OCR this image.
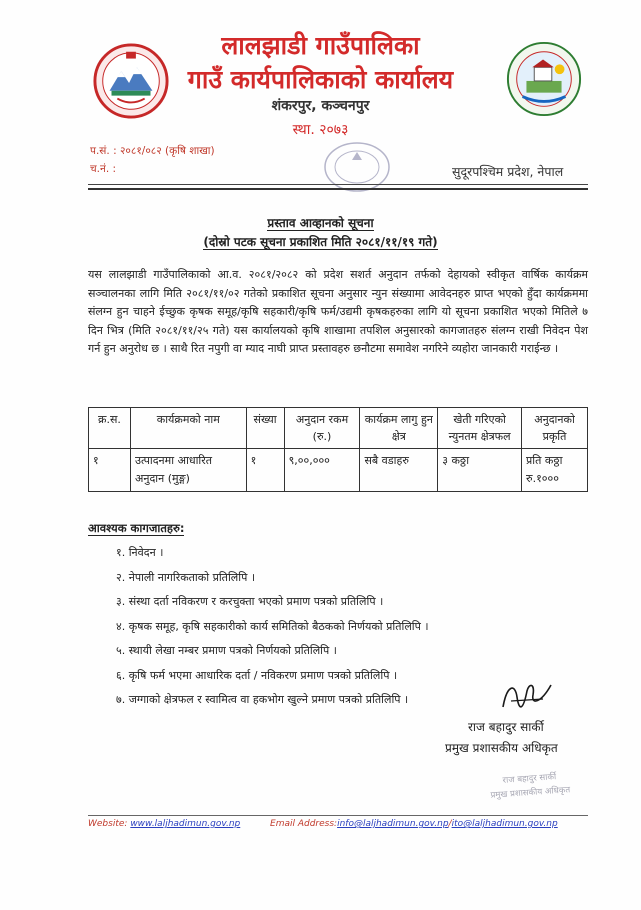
लालझाडी गाउँपालिका
गाउँ कार्यपालिकाको कार्यालय
शंकरपुर, कञ्चनपुर
स्था. २०७३
प.सं. : २०८१/०८२ (कृषि शाखा)
च.नं. :	सुदूरपश्चिम प्रदेश, नेपाल
प्रस्ताव आव्हानको सूचना
(दोस्रो पटक सूचना प्रकाशित मिति २०८१/११/१९ गते)
यस लालझाडी गाउँपालिकाको आ.व. २०८१/२०८२ को प्रदेश सशर्त अनुदान तर्फको देहायको स्वीकृत वार्षिक कार्यक्रम सञ्चालनका लागि मिति २०८१/११/०२ गतेको प्रकाशित सूचना अनुसार न्युन संख्यामा आवेदनहरु प्राप्त भएको हुँदा कार्यक्रममा संलग्न हुन चाहने ईच्छुक कृषक समूह/कृषि सहकारी/कृषि फर्म/उद्यमी कृषकहरुका लागि यो सूचना प्रकाशित भएको मितिले ७ दिन भित्र (मिति २०८१/११/२५ गते) यस कार्यालयको कृषि शाखामा तपशिल अनुसारको कागजातहरु संलग्न राखी निवेदन पेश गर्न हुन अनुरोध छ । साथै रित नपुगी वा म्याद नाघी प्राप्त प्रस्तावहरु छनौटमा समावेश नगरिने व्यहोरा जानकारी गराईन्छ ।
क्र.स.	कार्यक्रमको नाम	संख्या	अनुदान रकम (रु.)	कार्यक्रम लागु हुन क्षेत्र	खेती गरिएको न्युनतम क्षेत्रफल	अनुदानको प्रकृति
१	उत्पादनमा आधारित अनुदान (मुङ्ग)	१	९,००,०००	सबै वडाहरु	३ कठ्ठा	प्रति कठ्ठा रु.१०००
आवश्यक कागजातहरु:
१. निवेदन ।
२. नेपाली नागरिकताको प्रतिलिपि ।
३. संस्था दर्ता नविकरण र करचुक्ता भएको प्रमाण पत्रको प्रतिलिपि ।
४. कृषक समूह, कृषि सहकारीको कार्य समितिको बैठकको निर्णयको प्रतिलिपि ।
५. स्थायी लेखा नम्बर प्रमाण पत्रको निर्णयको प्रतिलिपि ।
६. कृषि फर्म भएमा आधारिक दर्ता / नविकरण प्रमाण पत्रको प्रतिलिपि ।
७. जग्गाको क्षेत्रफल र स्वामित्व वा हकभोग खुल्ने प्रमाण पत्रको प्रतिलिपि ।
राज बहादुर सार्की
प्रमुख प्रशासकीय अधिकृत
राज बहादुर सार्की
प्रमुख प्रशासकीय अधिकृत
Website: www.laljhadimun.gov.np	Email Address:info@laljhadimun.gov.np/ito@laljhadimun.gov.np
